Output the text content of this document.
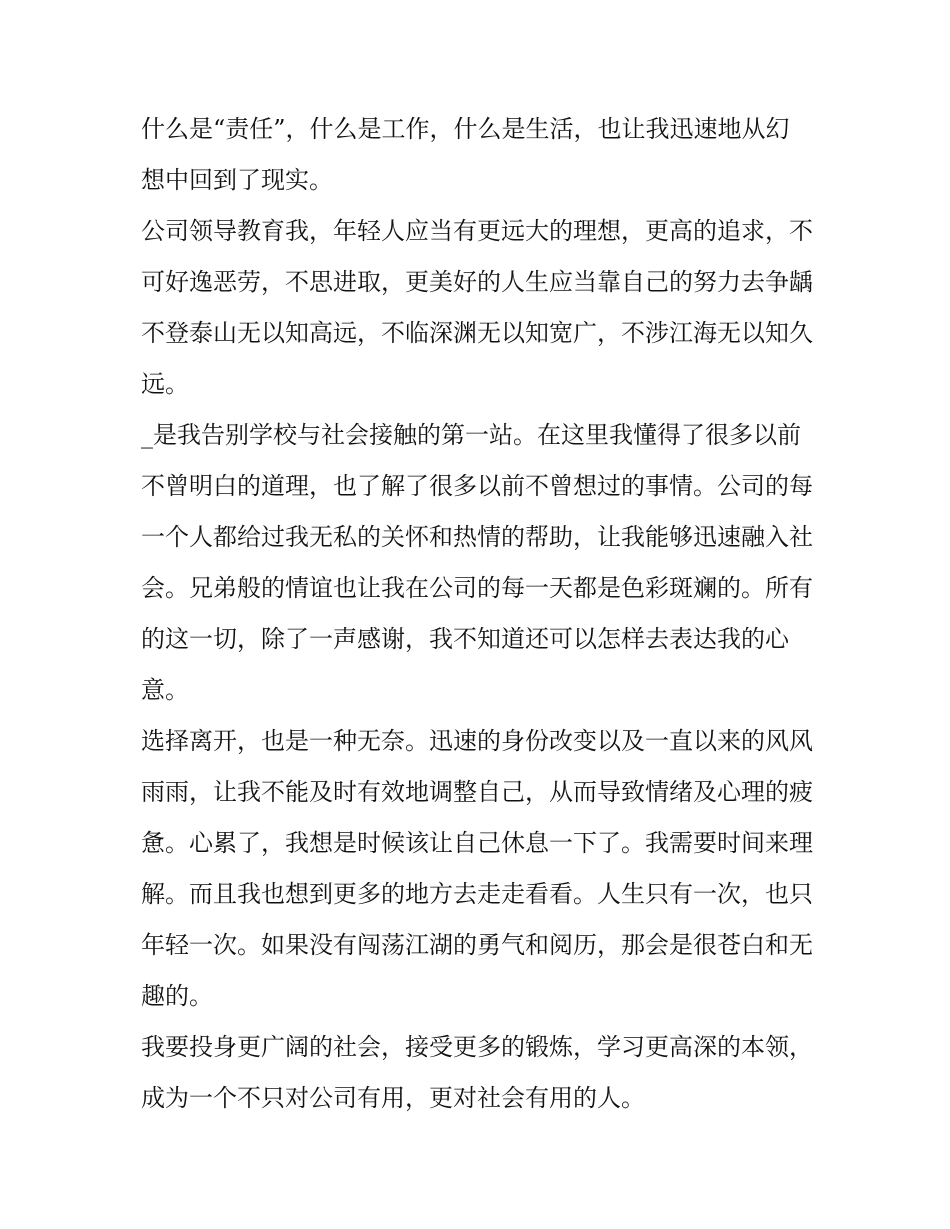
什么是“责任”，什么是工作，什么是生活，也让我迅速地从幻想中回到了现实。

公司领导教育我，年轻人应当有更远大的理想，更高的追求，不可好逸恶劳，不思进取，更美好的人生应当靠自己的努力去争龋不登泰山无以知高远，不临深渊无以知宽广，不涉江海无以知久远。

_是我告别学校与社会接触的第一站。在这里我懂得了很多以前不曾明白的道理，也了解了很多以前不曾想过的事情。公司的每一个人都给过我无私的关怀和热情的帮助，让我能够迅速融入社会。兄弟般的情谊也让我在公司的每一天都是色彩斑斓的。所有的这一切，除了一声感谢，我不知道还可以怎样去表达我的心意。

选择离开，也是一种无奈。迅速的身份改变以及一直以来的风风雨雨，让我不能及时有效地调整自己，从而导致情绪及心理的疲惫。心累了，我想是时候该让自己休息一下了。我需要时间来理解。而且我也想到更多的地方去走走看看。人生只有一次，也只年轻一次。如果没有闯荡江湖的勇气和阅历，那会是很苍白和无趣的。

我要投身更广阔的社会，接受更多的锻炼，学习更高深的本领，成为一个不只对公司有用，更对社会有用的人。
